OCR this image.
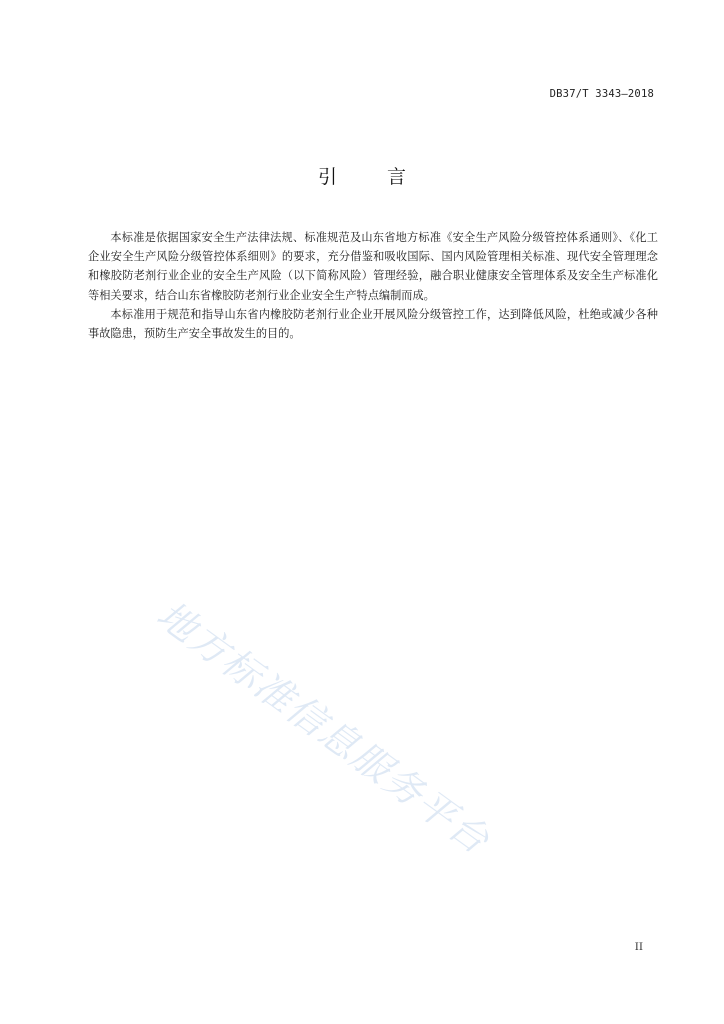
DB37/T 3343—2018
引 言

本标准是依据国家安全生产法律法规、标准规范及山东省地方标准《安全生产风险分级管控体系通则》、《化工企业安全生产风险分级管控体系细则》的要求，充分借鉴和吸收国际、国内风险管理相关标准、现代安全管理理念和橡胶防老剂行业企业的安全生产风险（以下简称风险）管理经验，融合职业健康安全管理体系及安全生产标准化等相关要求，结合山东省橡胶防老剂行业企业安全生产特点编制而成。

本标准用于规范和指导山东省内橡胶防老剂行业企业开展风险分级管控工作，达到降低风险，杜绝或减少各种事故隐患，预防生产安全事故发生的目的。

地方标准信息服务平台
II
